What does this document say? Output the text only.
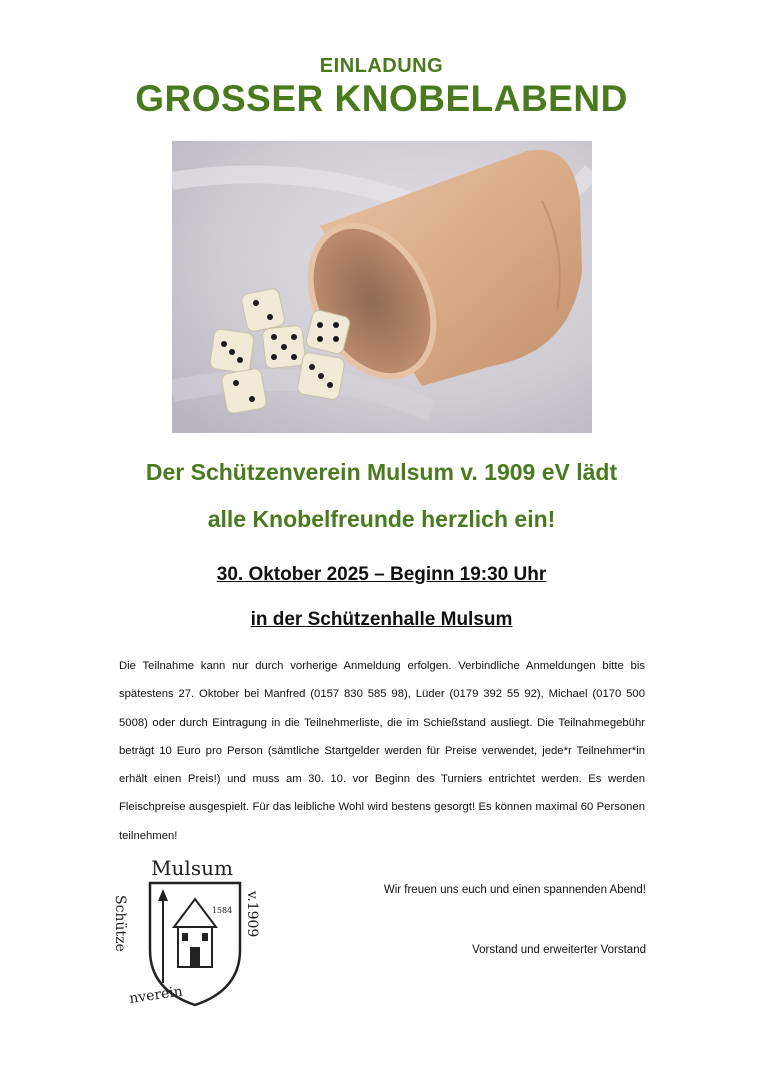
EINLADUNG
GROSSER KNOBELABEND
Der Schützenverein Mulsum v. 1909 eV lädt
alle Knobelfreunde herzlich ein!
30. Oktober 2025 – Beginn 19:30 Uhr
in der Schützenhalle Mulsum
Die Teilnahme kann nur durch vorherige Anmeldung erfolgen. Verbindliche Anmeldungen bitte bis spätestens 27. Oktober bei Manfred (0157 830 585 98), Lüder (0179 392 55 92), Michael (0170 500 5008) oder durch Eintragung in die Teilnehmerliste, die im Schießstand ausliegt. Die Teilnahmegebühr beträgt 10 Euro pro Person (sämtliche Startgelder werden für Preise verwendet, jede*r Teilnehmer*in erhält einen Preis!) und muss am 30. 10. vor Beginn des Turniers entrichtet werden. Es werden Fleischpreise ausgespielt. Für das leibliche Wohl wird bestens gesorgt! Es können maximal 60 Personen teilnehmen!
Mulsum
1584
Schütze	v.1909
nverein
Wir freuen uns euch und einen spannenden Abend!
Vorstand und erweiterter Vorstand
